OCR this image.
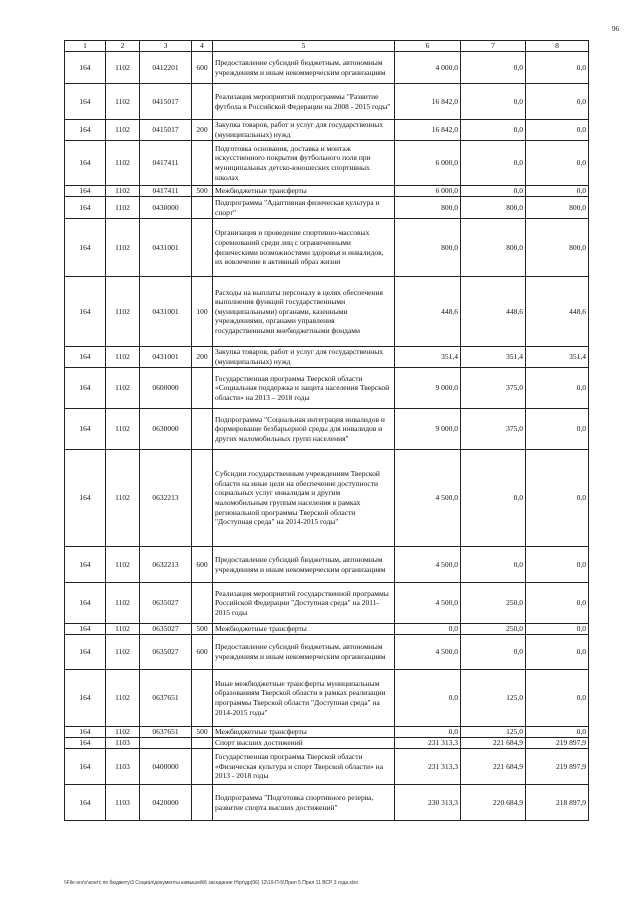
96
1	2	3	4	5	6	7	8
164	1102	0412201	600	Предоставление субсидий бюджетным, автономным учреждениям и иным некоммерческим организациям	4 000,0	0,0	0,0
164	1102	0415017		Реализация мероприятий подпрограммы "Развитие футбола в Российской Федерации на 2008 - 2015 годы"	16 842,0	0,0	0,0
164	1102	0415017	200	Закупка товаров, работ и услуг для государственных (муниципальных) нужд	16 842,0	0,0	0,0
164	1102	0417411		Подготовка основания, доставка и монтаж искусственного покрытия футбольного поля при муниципальных детско-юношеских спортивных школах	6 000,0	0,0	0,0
164	1102	0417411	500	Межбюджетные трансферты	6 000,0	0,0	0,0
164	1102	0430000		Подпрограмма "Адаптивная физическая культура и спорт"	800,0	800,0	800,0
164	1102	0431001		Организация и проведение спортивно-массовых соревнований среди лиц с ограниченными физическими возможностями здоровья и инвалидов, их вовлечение в активный образ жизни	800,0	800,0	800,0
164	1102	0431001	100	Расходы на выплаты персоналу в целях обеспечения выполнения функций государственными (муниципальными) органами, казенными учреждениями, органами управления государственными внебюджетными фондами	448,6	448,6	448,6
164	1102	0431001	200	Закупка товаров, работ и услуг для государственных (муниципальных) нужд	351,4	351,4	351,4
164	1102	0600000		Государственная программа Тверской области «Социальная поддержка и защита населения Тверской области» на 2013 – 2018 годы	9 000,0	375,0	0,0
164	1102	0630000		Подпрограмма "Социальная интеграция инвалидов и формирование безбарьерной среды для инвалидов и других маломобильных групп населения"	9 000,0	375,0	0,0
164	1102	0632213		Субсидии государственным учреждениям Тверской области на иные цели на обеспечение доступности социальных услуг инвалидам и другим маломобильным группам населения в рамках региональной программы Тверской области "Доступная среда" на 2014-2015 годы"	4 500,0	0,0	0,0
164	1102	0632213	600	Предоставление субсидий бюджетным, автономным учреждениям и иным некоммерческим организациям	4 500,0	0,0	0,0
164	1102	0635027		Реализация мероприятий государственной программы Российской Федерации "Доступная среда" на 2011-2015 годы	4 500,0	250,0	0,0
164	1102	0635027	500	Межбюджетные трансферты	0,0	250,0	0,0
164	1102	0635027	600	Предоставление субсидий бюджетным, автономным учреждениям и иным некоммерческим организациям	4 500,0	0,0	0,0
164	1102	0637651		Иные межбюджетные трансферты муниципальным образованиям Тверской области в рамках реализации программы Тверской области "Доступная среда" на 2014-2015 годы"	0,0	125,0	0,0
164	1102	0637651	500	Межбюджетные трансферты	0,0	125,0	0,0
164	1103			Спорт высших достижений	231 313,3	221 684,9	219 897,9
164	1103	0400000		Государственная программа Тверской области «Физическая культура и спорт Тверской области» на 2013 - 2018 годы	231 313,3	221 684,9	219 897,9
164	1103	0420000		Подпрограмма "Подготовка спортивного резерва, развитие спорта высших достижений"	230 313,3	220 684,9	218 897,9
\\File-srv\о\контс по бюджету\3 Социал\документы камышей\6 заседание Н\рг\др(06) 12\19-П-5\Прил 5 Прил 11 ВСР 3 года.xlsx
